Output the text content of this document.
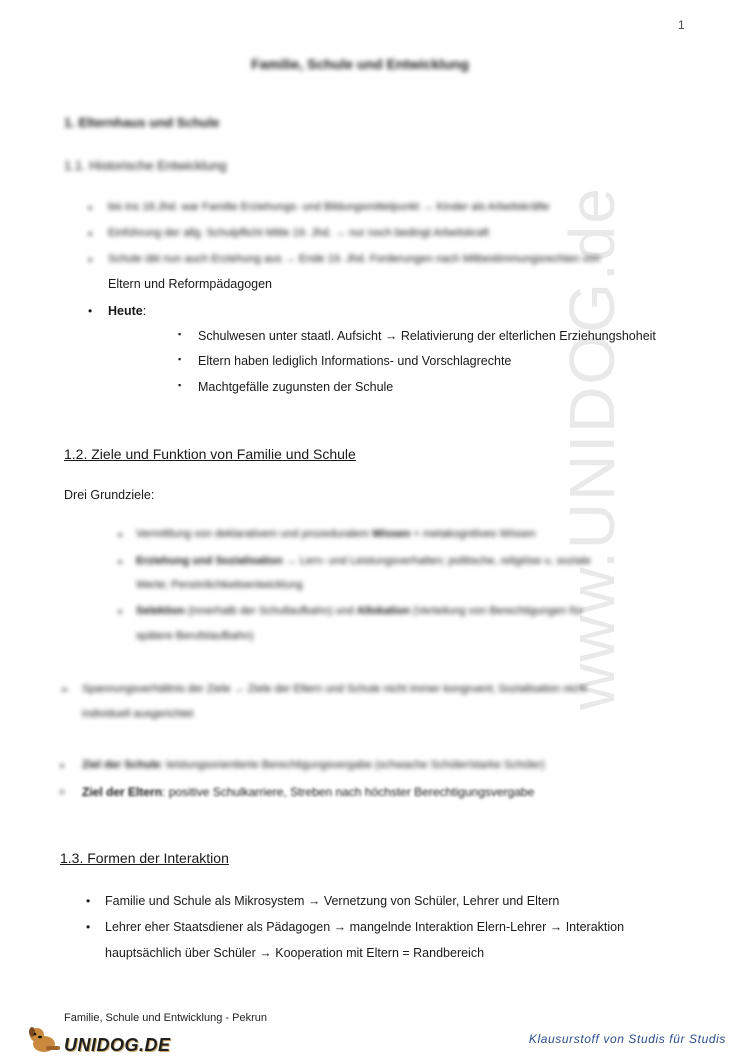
1
www.UNIDOG.de
Familie, Schule und Entwicklung
1. Elternhaus und Schule
1.1. Historische Entwicklung
• bis ins 18.Jhd. war Familie Erziehungs- und Bildungsmittelpunkt → Kinder als Arbeitskräfte
• Einführung der allg. Schulpflicht Mitte 19. Jhd. → nur noch bedingt Arbeitskraft
• Schule übt nun auch Erziehung aus → Ende 19. Jhd. Forderungen nach Mitbestimmungsrechten von
Eltern und Reformpädagogen
• Heute:
▪ Schulwesen unter staatl. Aufsicht → Relativierung der elterlichen Erziehungshoheit
▪ Eltern haben lediglich Informations- und Vorschlagrechte
▪ Machtgefälle zugunsten der Schule
1.2. Ziele und Funktion von Familie und Schule
Drei Grundziele:
• Vermittlung von deklarativem und prozeduralem Wissen + metakognitives Wissen
• Erziehung und Sozialisation → Lern- und Leistungsverhalten; politische, religiöse u. soziale
Werte; Persönlichkeitsentwicklung
• Selektion (innerhalb der Schullaufbahn) und Allokation (Verteilung von Berechtigungen für
spätere Berufslaufbahn)
➢ Spannungsverhältnis der Ziele → Ziele der Eltern und Schule nicht immer kongruent; Sozialisation nicht
individuell ausgerichtet
• Ziel der Schule: leistungsorientierte Berechtigungsvergabe (schwache Schüler/starke Schüler)
• Ziel der Eltern: positive Schulkarriere, Streben nach höchster Berechtigungsvergabe
1.3. Formen der Interaktion
• Familie und Schule als Mikrosystem → Vernetzung von Schüler, Lehrer und Eltern
• Lehrer eher Staatsdiener als Pädagogen → mangelnde Interaktion Elern-Lehrer → Interaktion
hauptsächlich über Schüler → Kooperation mit Eltern = Randbereich
Familie, Schule und Entwicklung - Pekrun
UNIDOG.DE	Klausurstoff von Studis für Studis
